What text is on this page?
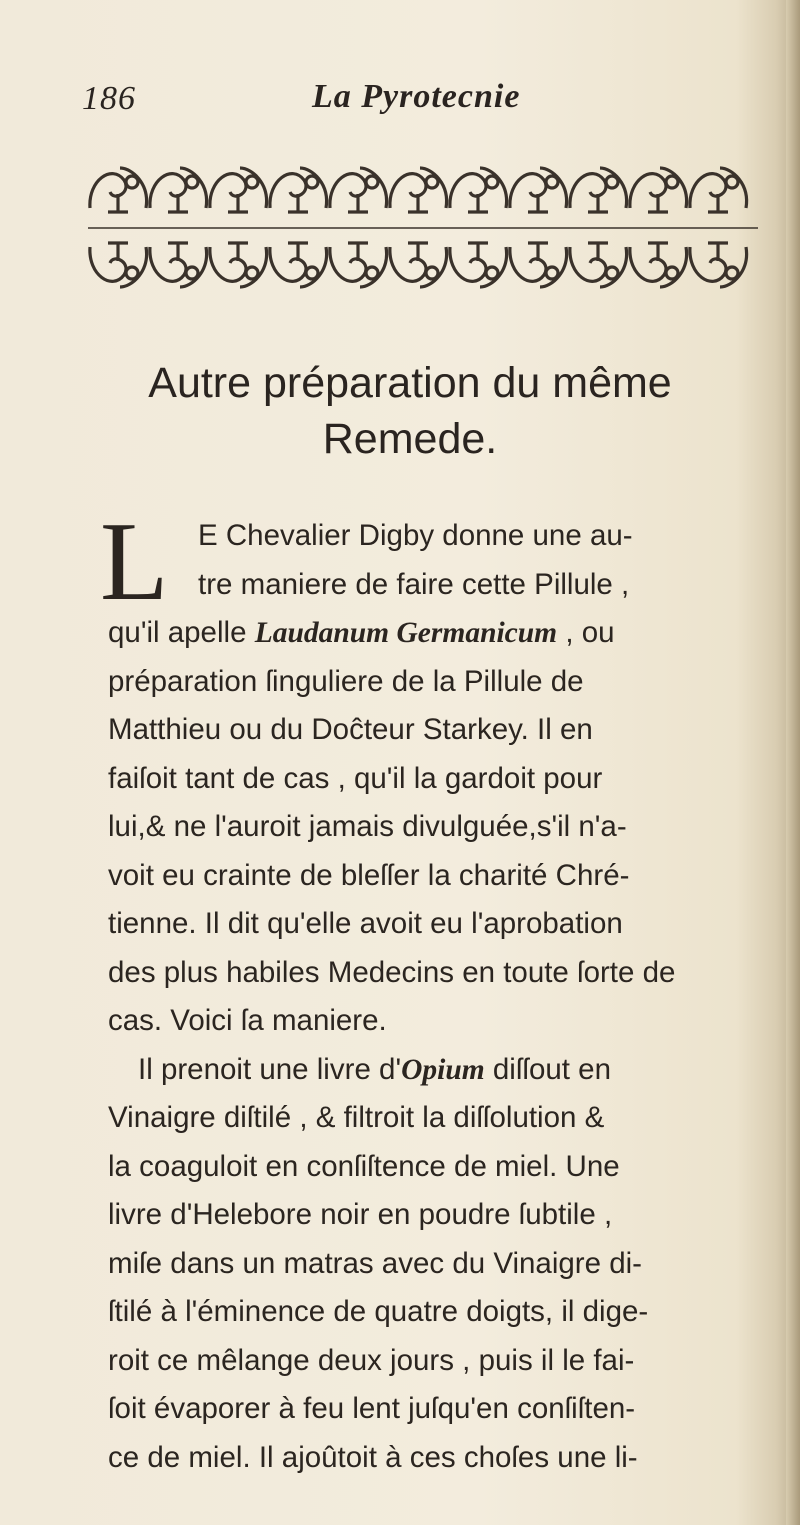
186	La Pyrotecnie
Autre préparation du même
Remede.
L	E Chevalier Digby donne une au-
tre maniere de faire cette Pillule ,
qu'il apelle Laudanum Germanicum , ou
préparation ſinguliere de la Pillule de
Matthieu ou du Doĉteur Starkey. Il en
faiſoit tant de cas , qu'il la gardoit pour
lui,& ne l'auroit jamais divulguée,s'il n'a-
voit eu crainte de bleſſer la charité Chré-
tienne. Il dit qu'elle avoit eu l'aprobation
des plus habiles Medecins en toute ſorte de
cas. Voici ſa maniere.
Il prenoit une livre d'Opium diſſout en
Vinaigre diſtilé , & filtroit la diſſolution &
la coaguloit en conſiſtence de miel. Une
livre d'Helebore noir en poudre ſubtile ,
miſe dans un matras avec du Vinaigre di-
ſtilé à l'éminence de quatre doigts, il dige-
roit ce mêlange deux jours , puis il le fai-
ſoit évaporer à feu lent juſqu'en conſiſten-
ce de miel. Il ajoûtoit à ces choſes une li-
